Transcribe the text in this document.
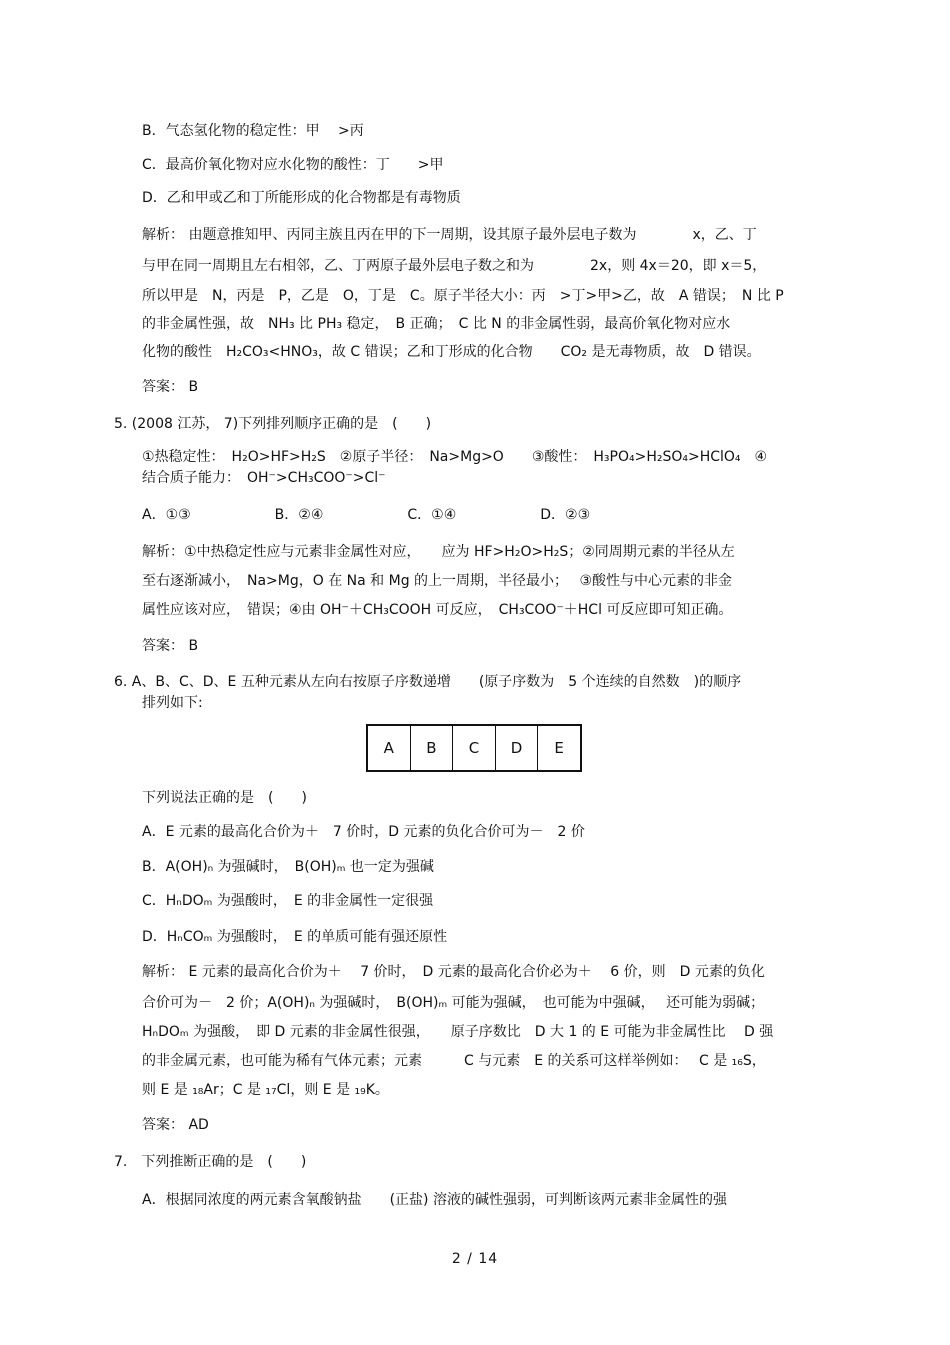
B．气态氢化物的稳定性：甲　 >丙
C．最高价氧化物对应水化物的酸性：丁　　>甲
D．乙和甲或乙和丁所能形成的化合物都是有毒物质
解析： 由题意推知甲、丙同主族且丙在甲的下一周期，设其原子最外层电子数为　　　　x，乙、丁
与甲在同一周期且左右相邻，乙、丁两原子最外层电子数之和为　　　　2x，则 4x＝20，即 x＝5，
所以甲是　N，丙是　P，乙是　O，丁是　C。原子半径大小：丙　>丁>甲>乙，故　A 错误；　N 比 P
的非金属性强，故　NH₃ 比 PH₃ 稳定，　B 正确；　C 比 N 的非金属性弱，最高价氧化物对应水
化物的酸性　H₂CO₃<HNO₃，故 C 错误；乙和丁形成的化合物　　CO₂ 是无毒物质，故　D 错误。
答案： B
5. (2008 江苏， 7)下列排列顺序正确的是　(　　)
①热稳定性：　H₂O>HF>H₂S　②原子半径：　Na>Mg>O　　③酸性：　H₃PO₄>H₂SO₄>HClO₄　④
结合质子能力：　OH⁻>CH₃COO⁻>Cl⁻
A．①③　　　　　　B．②④　　　　　　C．①④　　　　　　D．②③
解析：①中热稳定性应与元素非金属性对应，　　应为 HF>H₂O>H₂S；②同周期元素的半径从左
至右逐渐减小，　Na>Mg，O 在 Na 和 Mg 的上一周期，半径最小；　 ③酸性与中心元素的非金
属性应该对应，　错误；④由 OH⁻＋CH₃COOH 可反应，　CH₃COO⁻＋HCl 可反应即可知正确。
答案： B
6. A、B、C、D、E 五种元素从左向右按原子序数递增　　(原子序数为　5 个连续的自然数　)的顺序
排列如下:
下列说法正确的是　(　　)
A．E 元素的最高化合价为＋　7 价时，D 元素的负化合价可为－　2 价
B．A(OH)ₙ 为强碱时，　B(OH)ₘ 也一定为强碱
C．HₙDOₘ 为强酸时，　E 的非金属性一定很强
D．HₙCOₘ 为强酸时，　E 的单质可能有强还原性
解析： E 元素的最高化合价为＋　 7 价时，　D 元素的最高化合价必为＋　 6 价，则　D 元素的负化
合价可为－　2 价；A(OH)ₙ 为强碱时，　B(OH)ₘ 可能为强碱，　也可能为中强碱，　 还可能为弱碱；
HₙDOₘ 为强酸，　即 D 元素的非金属性很强，　　原子序数比　D 大 1 的 E 可能为非金属性比　 D 强
的非金属元素，也可能为稀有气体元素；元素　　　C 与元素　E 的关系可这样举例如：　 C 是 ₁₆S，
则 E 是 ₁₈Ar；C 是 ₁₇Cl，则 E 是 ₁₉K。
答案： AD
7.　下列推断正确的是　(　　)
A．根据同浓度的两元素含氧酸钠盐　　(正盐) 溶液的碱性强弱，可判断该两元素非金属性的强
A	B	C	D	E
2 / 14
